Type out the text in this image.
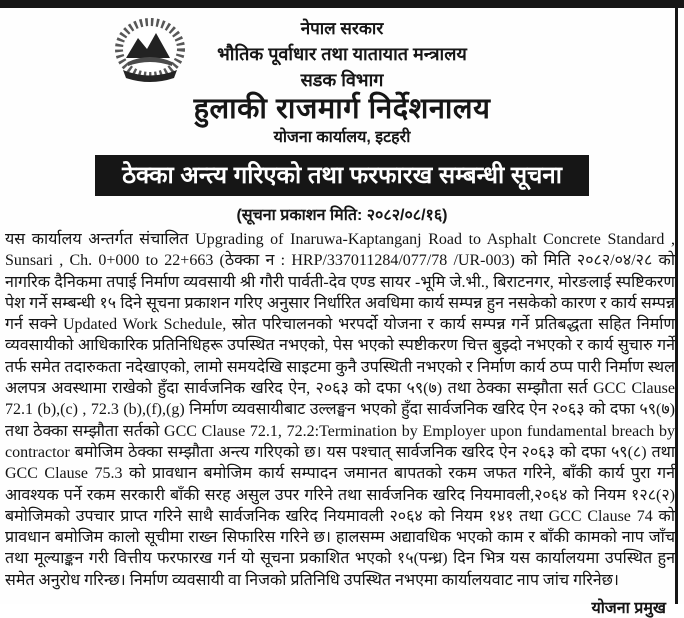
नेपाल सरकार
भौतिक पूर्वाधार तथा यातायात मन्त्रालय
सडक विभाग
हुलाकी राजमार्ग निर्देशनालय
योजना कार्यालय, इटहरी
ठेक्का अन्त्य गरिएको तथा फरफारख सम्बन्धी सूचना
(सूचना प्रकाशन मिति: २०८२/०८/१६)

यस कार्यालय अन्तर्गत संचालित Upgrading of Inaruwa-Kaptanganj Road to Asphalt Concrete Standard , Sunsari , Ch. 0+000 to 22+663 (ठेक्का न : HRP/337011284/077/78 /UR-003) को मिति २०८२/०४/२८ को नागरिक दैनिकमा तपाई निर्माण व्यवसायी श्री गौरी पार्वती-देव एण्ड सायर -भूमि जे.भी., बिराटनगर, मोरङलाई स्पष्टिकरण पेश गर्ने सम्बन्धी १५ दिने सूचना प्रकाशन गरिए अनुसार निर्धारित अवधिमा कार्य सम्पन्न हुन नसकेको कारण र कार्य सम्पन्न गर्न सक्ने Updated Work Schedule, स्रोत परिचालनको भरपर्दो योजना र कार्य सम्पन्न गर्ने प्रतिबद्धता सहित निर्माण व्यवसायीको आधिकारिक प्रतिनिधिहरू उपस्थित नभएको, पेस भएको स्पष्टीकरण चित्त बुझ्दो नभएको र कार्य सुचारु गर्ने तर्फ समेत तदारुकता नदेखाएको, लामो समयदेखि साइटमा कुनै उपस्थिती नभएको र निर्माण कार्य ठप्प पारी निर्माण स्थल अलपत्र अवस्थामा राखेको हुँदा सार्वजनिक खरिद ऐन, २०६३ को दफा ५९(७) तथा ठेक्का सम्झौता सर्त GCC Clause 72.1 (b),(c) , 72.3 (b),(f),(g) निर्माण व्यवसायीबाट उल्लङ्घन भएको हुँदा सार्वजनिक खरिद ऐन २०६३ को दफा ५९(७) तथा ठेक्का सम्झौता सर्तको GCC Clause 72.1, 72.2:Termination by Employer upon fundamental breach by contractor बमोजिम ठेक्का सम्झौता अन्त्य गरिएको छ। यस पश्चात् सार्वजनिक खरिद ऐन २०६३ को दफा ५९(८) तथा GCC Clause 75.3 को प्रावधान बमोजिम कार्य सम्पादन जमानत बापतको रकम जफत गरिने, बाँकी कार्य पुरा गर्न आवश्यक पर्ने रकम सरकारी बाँकी सरह असुल उपर गरिने तथा सार्वजनिक खरिद नियमावली,२०६४ को नियम १२८(२) बमोजिमको उपचार प्राप्त गरिने साथै सार्वजनिक खरिद नियमावली २०६४ को नियम १४१ तथा GCC Clause 74 को प्रावधान बमोजिम कालो सूचीमा राख्न सिफारिस गरिने छ। हालसम्म अद्यावधिक भएको काम र बाँकी कामको नाप जाँच तथा मूल्याङ्कन गरी वित्तीय फरफारख गर्न यो सूचना प्रकाशित भएको १५(पन्ध्र) दिन भित्र यस कार्यालयमा उपस्थित हुन समेत अनुरोध गरिन्छ। निर्माण व्यवसायी वा निजको प्रतिनिधि उपस्थित नभएमा कार्यालयवाट नाप जांच गरिनेछ।

योजना प्रमुख
